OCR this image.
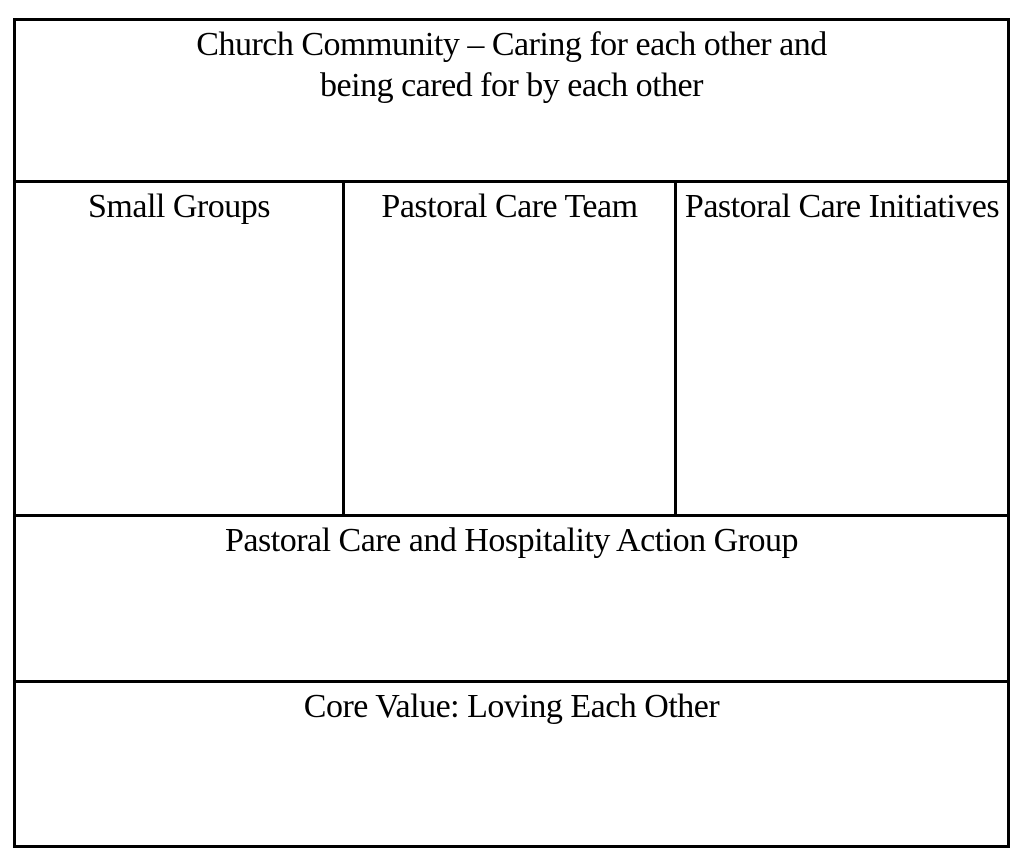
Church Community – Caring for each other and
being cared for by each other
Small Groups	Pastoral Care Team	Pastoral Care Initiatives
Pastoral Care and Hospitality Action Group
Core Value: Loving Each Other
